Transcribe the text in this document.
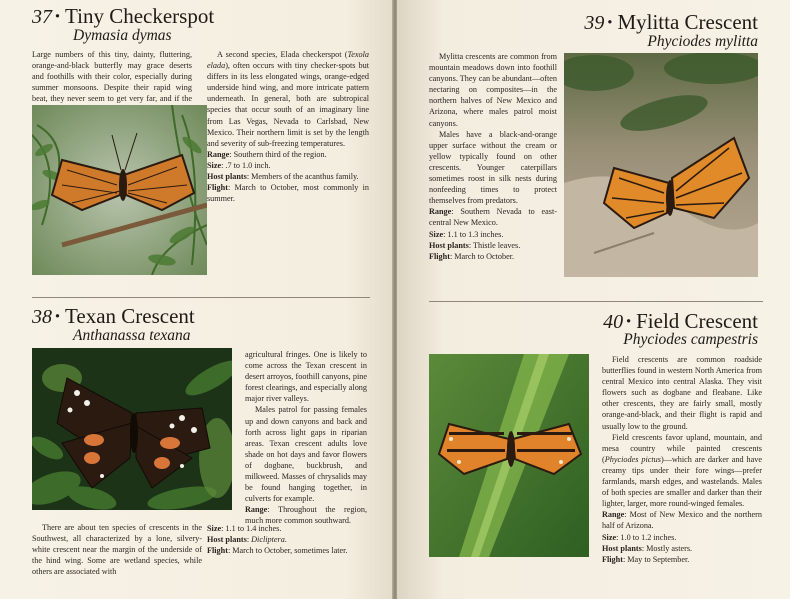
37· Tiny Checkerspot
Dymasia dymas

Large numbers of this tiny, dainty, fluttering, orange-and-black butterfly may grace deserts and foothills with their color, especially during summer monsoons. Despite their rapid wing beat, they never seem to get very far, and if the

A second species, Elada checkerspot (Texola elada), often occurs with tiny checker-spots but differs in its less elongated wings, orange-edged underside hind wing, and more intricate pattern underneath. In general, both are subtropical species that occur south of an imaginary line from Las Vegas, Nevada to Carlsbad, New Mexico. Their northern limit is set by the length and severity of sub-freezing temperatures.

Range: Southern third of the region.

Size: .7 to 1.0 inch.

Host plants: Members of the acanthus family.

Flight: March to October, most commonly in summer.

38· Texan Crescent
Anthanassa texana

There are about ten species of crescents in the Southwest, all characterized by a lone, silvery-white crescent near the margin of the underside of the hind wing. Some are wetland species, while others are associated with

agricultural fringes. One is likely to come across the Texan crescent in desert arroyos, foothill canyons, pine forest clearings, and especially along major river valleys.

Males patrol for passing females up and down canyons and back and forth across light gaps in riparian areas. Texan crescent adults love shade on hot days and favor flowers of dogbane, buckbrush, and milkweed. Masses of chrysalids may be found hanging together, in culverts for example.

Range: Throughout the region, much more common southward.

Size: 1.1 to 1.4 inches.

Host plants: Dicliptera.

Flight: March to October, sometimes later.

39· Mylitta Crescent
Phyciodes mylitta

Mylitta crescents are common from mountain meadows down into foothill canyons. They can be abundant—often nectaring on composites—in the northern halves of New Mexico and Arizona, where males patrol moist canyons.

Males have a black-and-orange upper surface without the cream or yellow typically found on other crescents. Younger caterpillars sometimes roost in silk nests during nonfeeding times to protect themselves from predators.

Range: Southern Nevada to east-central New Mexico.

Size: 1.1 to 1.3 inches.

Host plants: Thistle leaves.

Flight: March to October.

40· Field Crescent
Phyciodes campestris

Field crescents are common roadside butterflies found in western North America from central Mexico into central Alaska. They visit flowers such as dogbane and fleabane. Like other crescents, they are fairly small, mostly orange-and-black, and their flight is rapid and usually low to the ground.

Field crescents favor upland, mountain, and mesa country while painted crescents (Phyciodes pictus)—which are darker and have creamy tips under their fore wings—prefer farmlands, marsh edges, and wastelands. Males of both species are smaller and darker than their lighter, larger, more round-winged females.

Range: Most of New Mexico and the northern half of Arizona.

Size: 1.0 to 1.2 inches.

Host plants: Mostly asters.

Flight: May to September.
